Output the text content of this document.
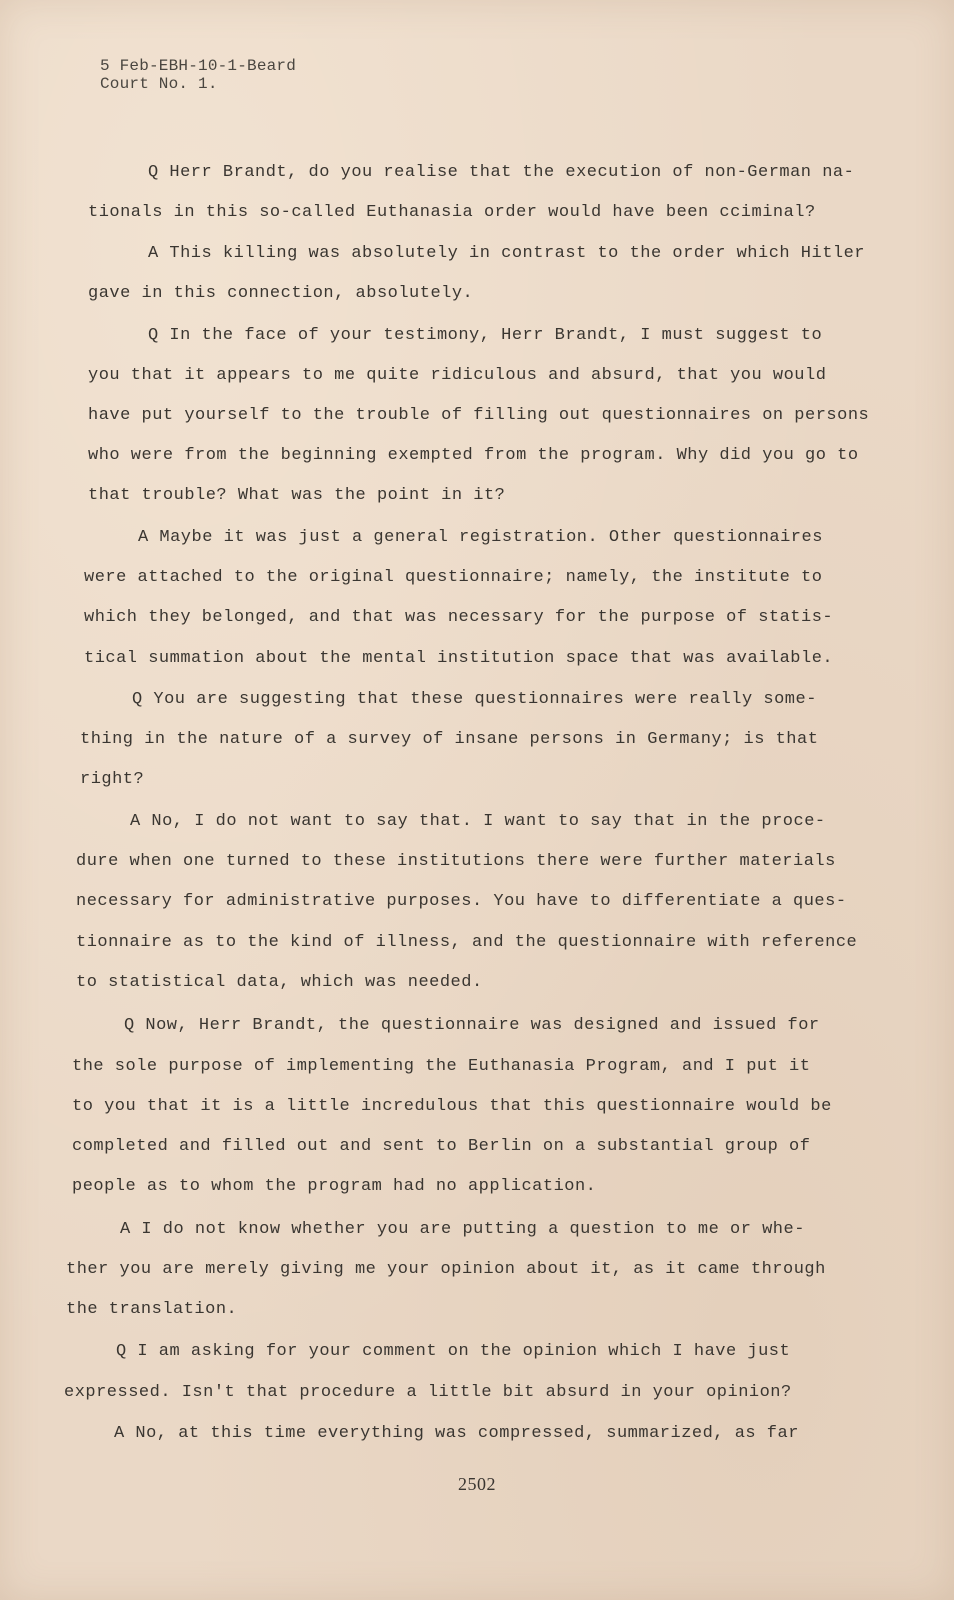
5 Feb-EBH-10-1-Beard
Court No. 1.
Q Herr Brandt, do you realise that the execution of non-German na-
tionals in this so-called Euthanasia order would have been ccimin​al?
A This killing was absolutely in contrast to the order which Hitler
gave in this connection, absolutely.
Q In the face of your testimony, Herr Brandt, I must suggest to
you that it appears to me quite ridiculous and absurd, that you would
have put yourself to the trouble of filling out questionnaires on persons
who were from the beginning exempted from the program. Why did you go to
that trouble? What was the point in it?
A Maybe it was just a general registration. Other questionnaires
were attached to the original questionnaire; namely, the institute to
which they belonged, and that was necessary for the purpose of statis-
tical summation about the mental institution space that was available.
Q You are suggesting that these questionnaires were really some-
thing in the nature of a survey of insane persons in Germany; is that
right?
A No, I do not want to say that. I want to say that in the proce-
dure when one turned to these institutions there were further materials
necessary for administrative purposes. You have to differentiate a ques-
tionnaire as to the kind of illness, and the questionnaire with reference
to statistical data, which was needed.
Q Now, Herr Brandt, the questionnaire was designed and issued for
the sole purpose of implementing the Euthanasia Program, and I put it
to you that it is a little incredulous that this questionnaire would be
completed and filled out and sent to Berlin on a substantial group of
people as to whom the program had no application.
A I do not know whether you are putting a question to me or whe-
ther you are merely giving me your opinion about it, as it came through
the translation.
Q I am asking for your comment on the opinion which I have just
expressed. Isn't that procedure a little bit absurd in your opinion?
A No, at this time everything was compressed, summarized, as far
2502
